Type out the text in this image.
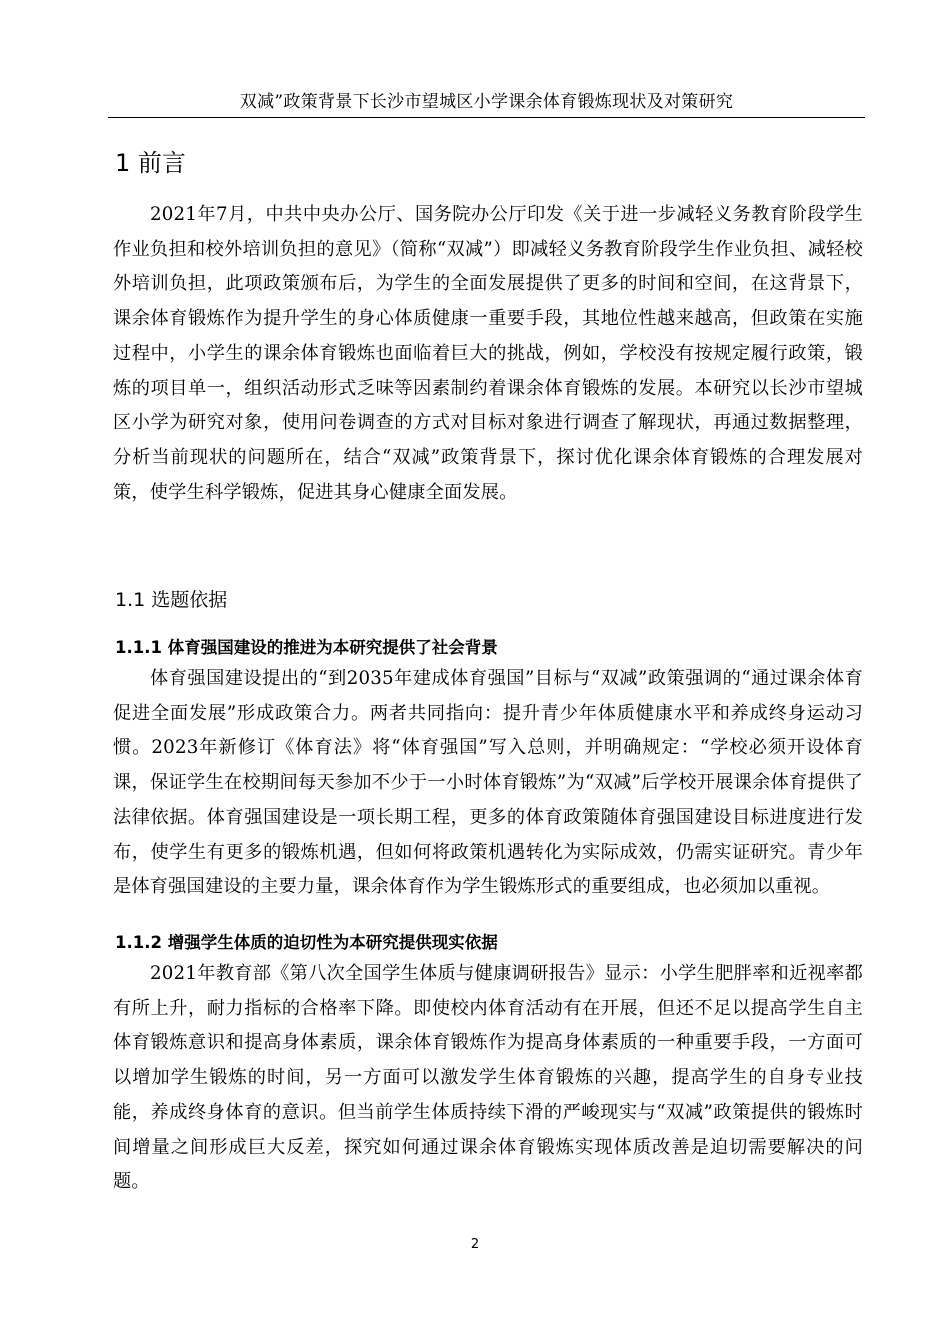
双减”政策背景下长沙市望城区小学课余体育锻炼现状及对策研究
1 前言

2021年7月，中共中央办公厅、国务院办公厅印发《关于进一步减轻义务教育阶段学生作业负担和校外培训负担的意见》（简称“双减”）即减轻义务教育阶段学生作业负担、减轻校外培训负担，此项政策颁布后，为学生的全面发展提供了更多的时间和空间，在这背景下，课余体育锻炼作为提升学生的身心体质健康一重要手段，其地位性越来越高，但政策在实施过程中，小学生的课余体育锻炼也面临着巨大的挑战，例如，学校没有按规定履行政策，锻炼的项目单一，组织活动形式乏味等因素制约着课余体育锻炼的发展。本研究以长沙市望城区小学为研究对象，使用问卷调查的方式对目标对象进行调查了解现状，再通过数据整理，分析当前现状的问题所在，结合“双减”政策背景下，探讨优化课余体育锻炼的合理发展对策，使学生科学锻炼，促进其身心健康全面发展。

1.1 选题依据
1.1.1 体育强国建设的推进为本研究提供了社会背景

体育强国建设提出的“到2035年建成体育强国”目标与“双减”政策强调的“通过课余体育促进全面发展”形成政策合力。两者共同指向：提升青少年体质健康水平和养成终身运动习惯。2023年新修订《体育法》将“体育强国”写入总则，并明确规定：“学校必须开设体育课，保证学生在校期间每天参加不少于一小时体育锻炼”为“双减”后学校开展课余体育提供了法律依据。体育强国建设是一项长期工程，更多的体育政策随体育强国建设目标进度进行发布，使学生有更多的锻炼机遇，但如何将政策机遇转化为实际成效，仍需实证研究。青少年是体育强国建设的主要力量，课余体育作为学生锻炼形式的重要组成，也必须加以重视。

1.1.2 增强学生体质的迫切性为本研究提供现实依据

2021年教育部《第八次全国学生体质与健康调研报告》显示：小学生肥胖率和近视率都有所上升，耐力指标的合格率下降。即使校内体育活动有在开展，但还不足以提高学生自主体育锻炼意识和提高身体素质，课余体育锻炼作为提高身体素质的一种重要手段，一方面可以增加学生锻炼的时间，另一方面可以激发学生体育锻炼的兴趣，提高学生的自身专业技能，养成终身体育的意识。但当前学生体质持续下滑的严峻现实与“双减”政策提供的锻炼时间增量之间形成巨大反差，探究如何通过课余体育锻炼实现体质改善是迫切需要解决的问题。

2
